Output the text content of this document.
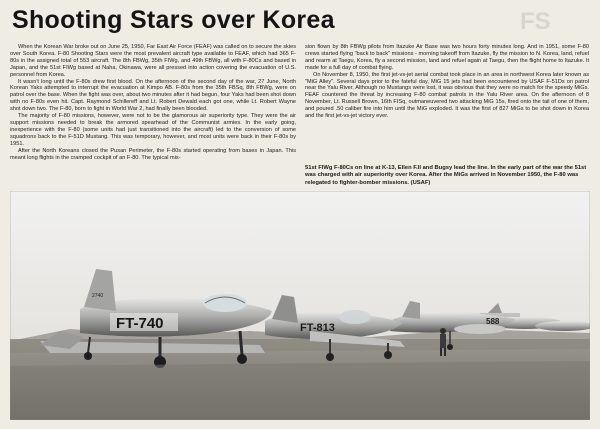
Shooting Stars over Korea	FS

When the Korean War broke out on June 25, 1950, Far East Air Force (FEAF) was called on to secure the skies over South Korea. F-80 Shooting Stars were the most prevalent aircraft type available to FEAF, which had 365 F-80s in the assigned total of 553 aircraft. The 8th FBWg, 35th FIWg, and 49th FBWg, all with F-80Cs and based in Japan, and the 51st FIWg based at Naha, Okinawa, were all pressed into action covering the evacuation of U.S. personnel from Korea.

It wasn't long until the F-80s drew first blood. On the afternoon of the second day of the war, 27 June, North Korean Yaks attempted to interrupt the evacuation at Kimpo AB. F-80s from the 35th FBSq, 8th FBWg, were on patrol over the base. When the fight was over, about two minutes after it had begun, four Yaks had been shot down with no F-80s even hit. Capt. Raymond Schillereff and Lt. Robert Dewald each got one, while Lt. Robert Wayne shot down two. The F-80, born to fight in World War 2, had finally been blooded.

The majority of F-80 missions, however, were not to be the glamorous air superiority type. They were the air support missions needed to break the armored spearhead of the Communist armies. In the early going, inexperience with the F-80 (some units had just transitioned into the aircraft) led to the conversion of some squadrons back to the F-51D Mustang. This was temporary, however, and most units were back in their F-80s by 1951.

After the North Koreans closed the Pusan Perimeter, the F-80s started operating from bases in Japan. This meant long flights in the cramped cockpit of an F-80. The typical mis-

sion flown by 8th FBWg pilots from Itazuke Air Base was two hours forty minutes long. And in 1951, some F-80 crews started flying "back to back" missions - morning takeoff from Itazuke, fly the mission to N. Korea, land, refuel and rearm at Taegu, Korea, fly a second mission, land and refuel again at Taegu, then the flight home to Itazuke. It made for a full day of combat flying.

On November 8, 1950, the first jet-vs-jet aerial combat took place in an area in northwest Korea later known as "MiG Alley". Several days prior to the fateful day, MiG 15 jets had been encountered by USAF F-51Ds on patrol near the Yalu River. Although no Mustangs were lost, it was obvious that they were no match for the speedy MiGs. FEAF countered the threat by increasing F-80 combat patrols in the Yalu River area. On the afternoon of 8 November, Lt. Russell Brown, 16th FISq, outmaneuvered two attacking MiG 15s, fired onto the tail of one of them, and poured .50 caliber fire into him until the MiG exploded. It was the first of 827 MiGs to be shot down in Korea and the first jet-vs-jet victory ever.

51st FIWg F-80Cs on line at K-13, Ellen F.II and Bugsy lead the line. In the early part of the war the 51st was charged with air superiority over Korea. After the MiGs arrived in November 1950, the F-80 was relegated to fighter-bomber missions. (USAF)

588
FT-813
FT-740
2740
